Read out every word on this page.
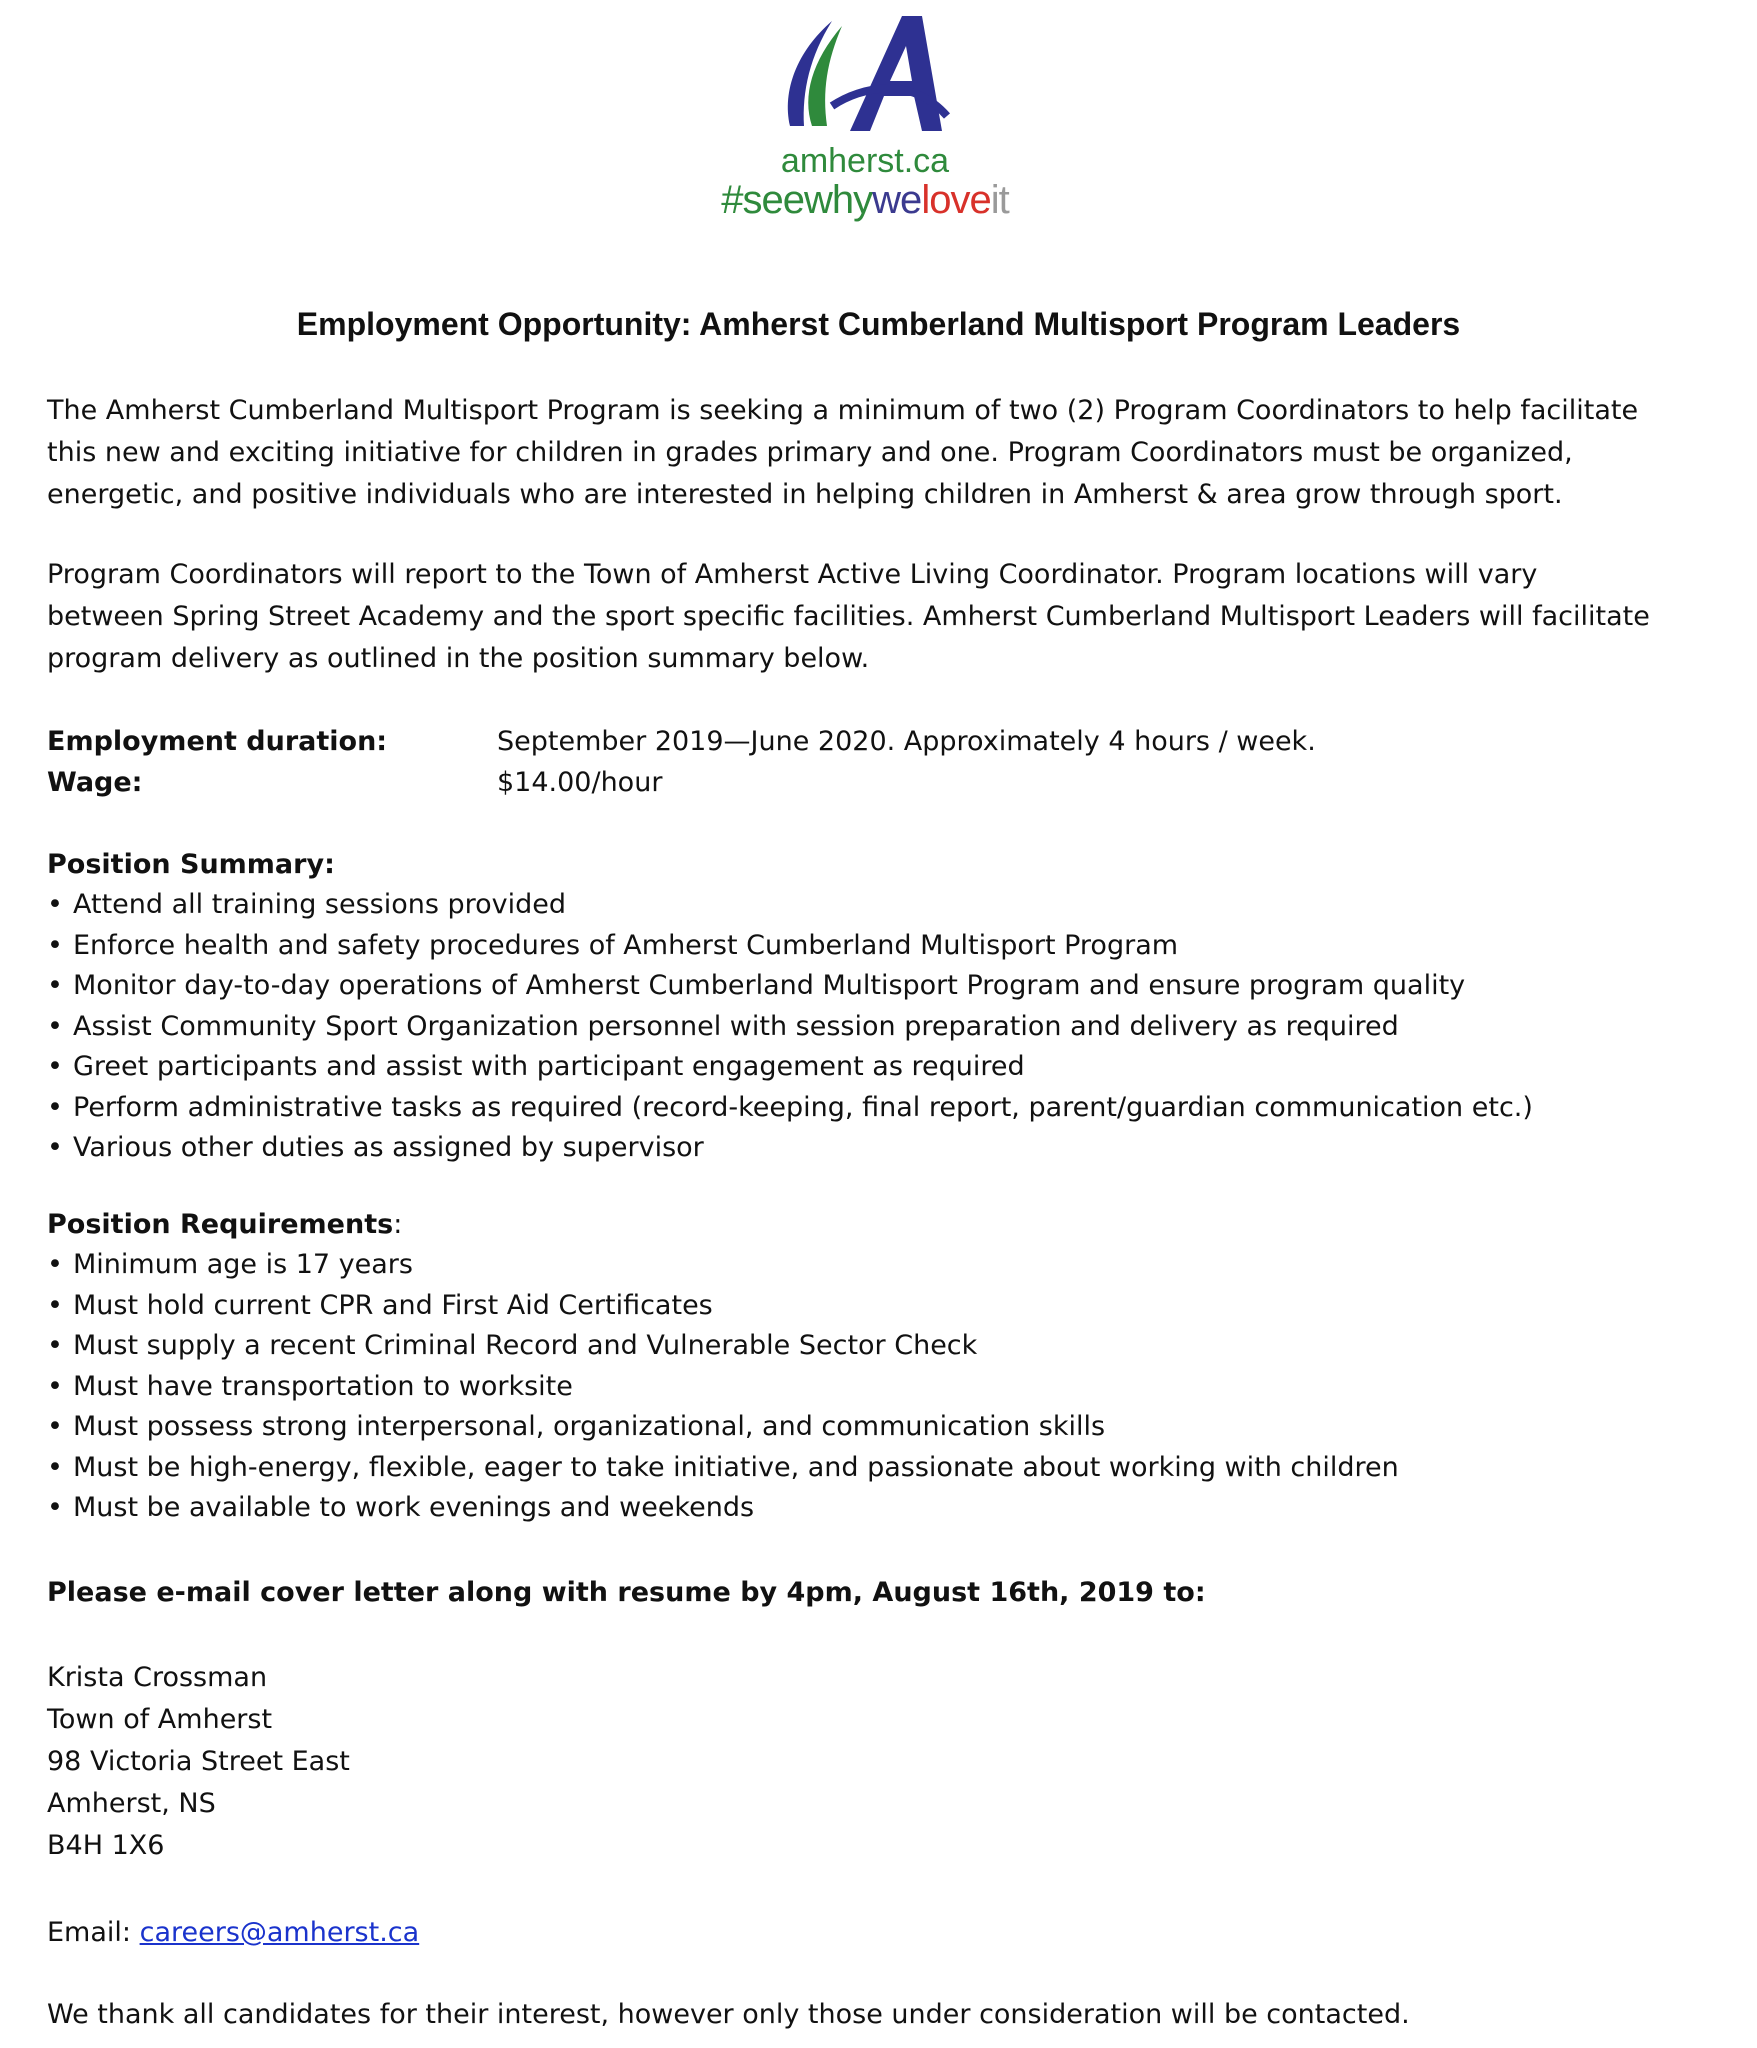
amherst.ca
#seewhyweloveit
Employment Opportunity: Amherst Cumberland Multisport Program Leaders
The Amherst Cumberland Multisport Program is seeking a minimum of two (2) Program Coordinators to help facilitate
this new and exciting initiative for children in grades primary and one. Program Coordinators must be organized,
energetic, and positive individuals who are interested in helping children in Amherst & area grow through sport.
Program Coordinators will report to the Town of Amherst Active Living Coordinator. Program locations will vary
between Spring Street Academy and the sport specific facilities. Amherst Cumberland Multisport Leaders will facilitate
program delivery as outlined in the position summary below.
Employment duration:	September 2019—June 2020. Approximately 4 hours / week.
Wage:	$14.00/hour
Position Summary:
• Attend all training sessions provided
• Enforce health and safety procedures of Amherst Cumberland Multisport Program
• Monitor day-to-day operations of Amherst Cumberland Multisport Program and ensure program quality
• Assist Community Sport Organization personnel with session preparation and delivery as required
• Greet participants and assist with participant engagement as required
• Perform administrative tasks as required (record-keeping, final report, parent/guardian communication etc.)
• Various other duties as assigned by supervisor
Position Requirements:
• Minimum age is 17 years
• Must hold current CPR and First Aid Certificates
• Must supply a recent Criminal Record and Vulnerable Sector Check
• Must have transportation to worksite
• Must possess strong interpersonal, organizational, and communication skills
• Must be high-energy, flexible, eager to take initiative, and passionate about working with children
• Must be available to work evenings and weekends
Please e-mail cover letter along with resume by 4pm, August 16th, 2019 to:
Krista Crossman
Town of Amherst
98 Victoria Street East
Amherst, NS
B4H 1X6
Email: careers@amherst.ca
We thank all candidates for their interest, however only those under consideration will be contacted.
